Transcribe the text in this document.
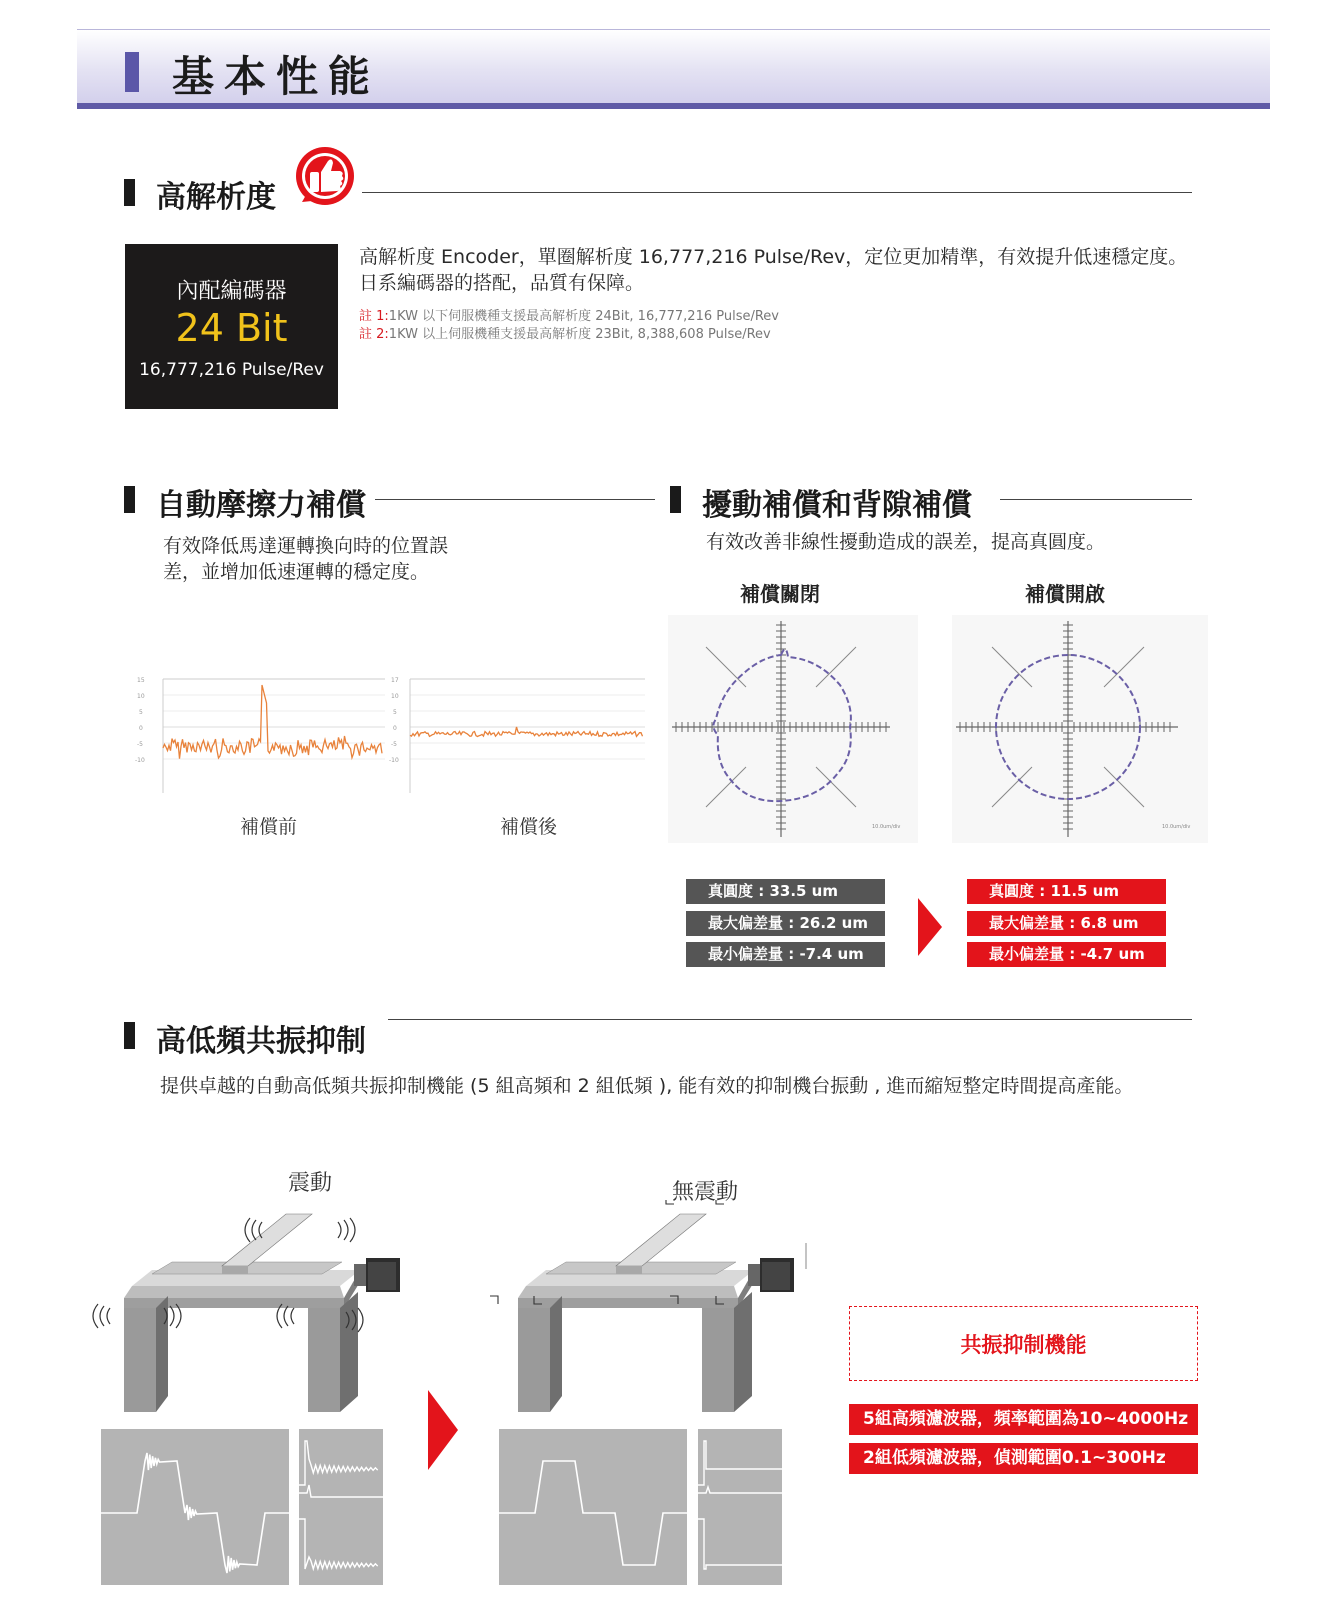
基本性能
高解析度
內配編碼器
24 Bit
16,777,216 Pulse/Rev
高解析度 Encoder，單圈解析度 16,777,216 Pulse/Rev，定位更加精準，有效提升低速穩定度。日系編碼器的搭配，品質有保障。
註 1:1KW 以下伺服機種支援最高解析度 24Bit, 16,777,216 Pulse/Rev
註 2:1KW 以上伺服機種支援最高解析度 23Bit, 8,388,608 Pulse/Rev
自動摩擦力補償
有效降低馬達運轉換向時的位置誤差，並增加低速運轉的穩定度。
15
10
5
0
-5
-10
17
10
5
0
-5
-10
補償前	補償後
擾動補償和背隙補償
有效改善非線性擾動造成的誤差，提高真圓度。
補償關閉	補償開啟
10.0um/div	10.0um/div
真圓度 : 33.5 um
最大偏差量 : 26.2 um
最小偏差量 : -7.4 um
真圓度 : 11.5 um
最大偏差量 : 6.8 um
最小偏差量 : -4.7 um
高低頻共振抑制
提供卓越的自動高低頻共振抑制機能 (5 組高頻和 2 組低頻 ), 能有效的抑制機台振動 , 進而縮短整定時間提高產能。
震動	無震動
共振抑制機能
5組高頻濾波器，頻率範圍為10~4000Hz
2組低頻濾波器，偵測範圍0.1~300Hz
